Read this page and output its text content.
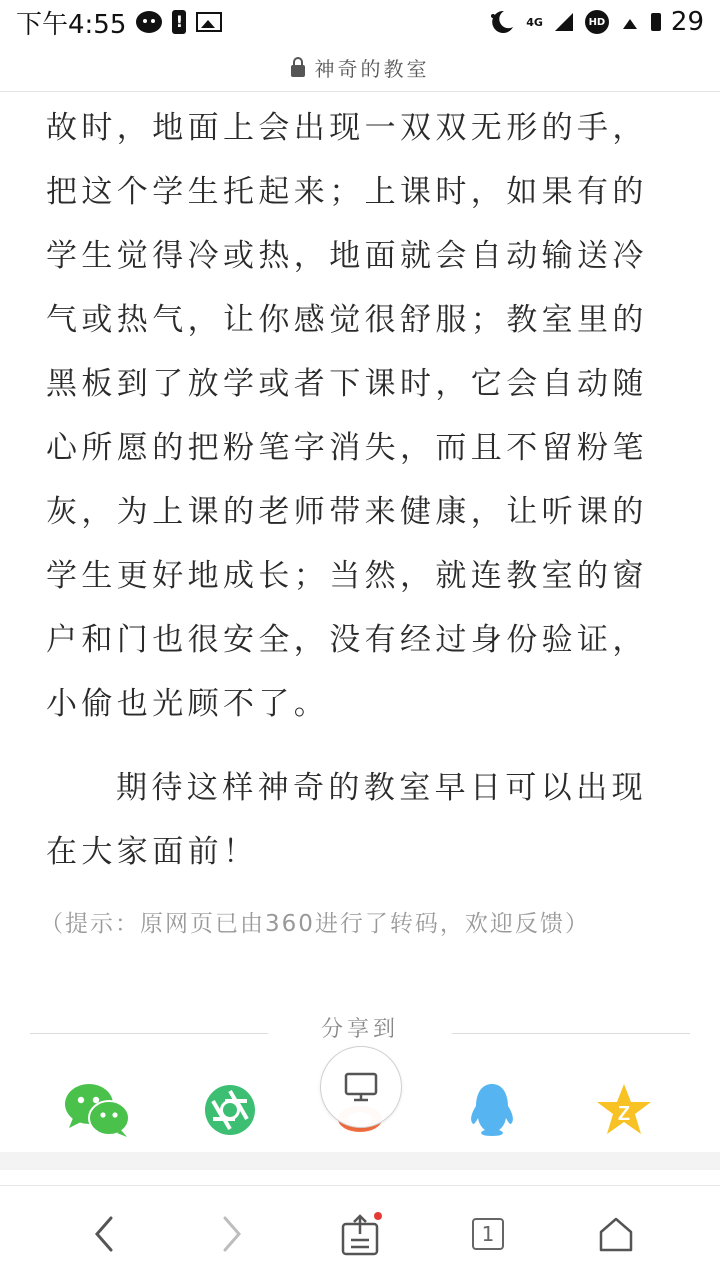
下午4:55	!	4G	HD	29
神奇的教室

故时，地面上会出现一双双无形的手，把这个学生托起来；上课时，如果有的学生觉得冷或热，地面就会自动输送冷气或热气，让你感觉很舒服；教室里的黑板到了放学或者下课时，它会自动随心所愿的把粉笔字消失，而且不留粉笔灰，为上课的老师带来健康，让听课的学生更好地成长；当然，就连教室的窗户和门也很安全，没有经过身份验证，小偷也光顾不了。

期待这样神奇的教室早日可以出现在大家面前！

（提示：原网页已由360进行了转码，欢迎反馈）
分享到
Z
1
